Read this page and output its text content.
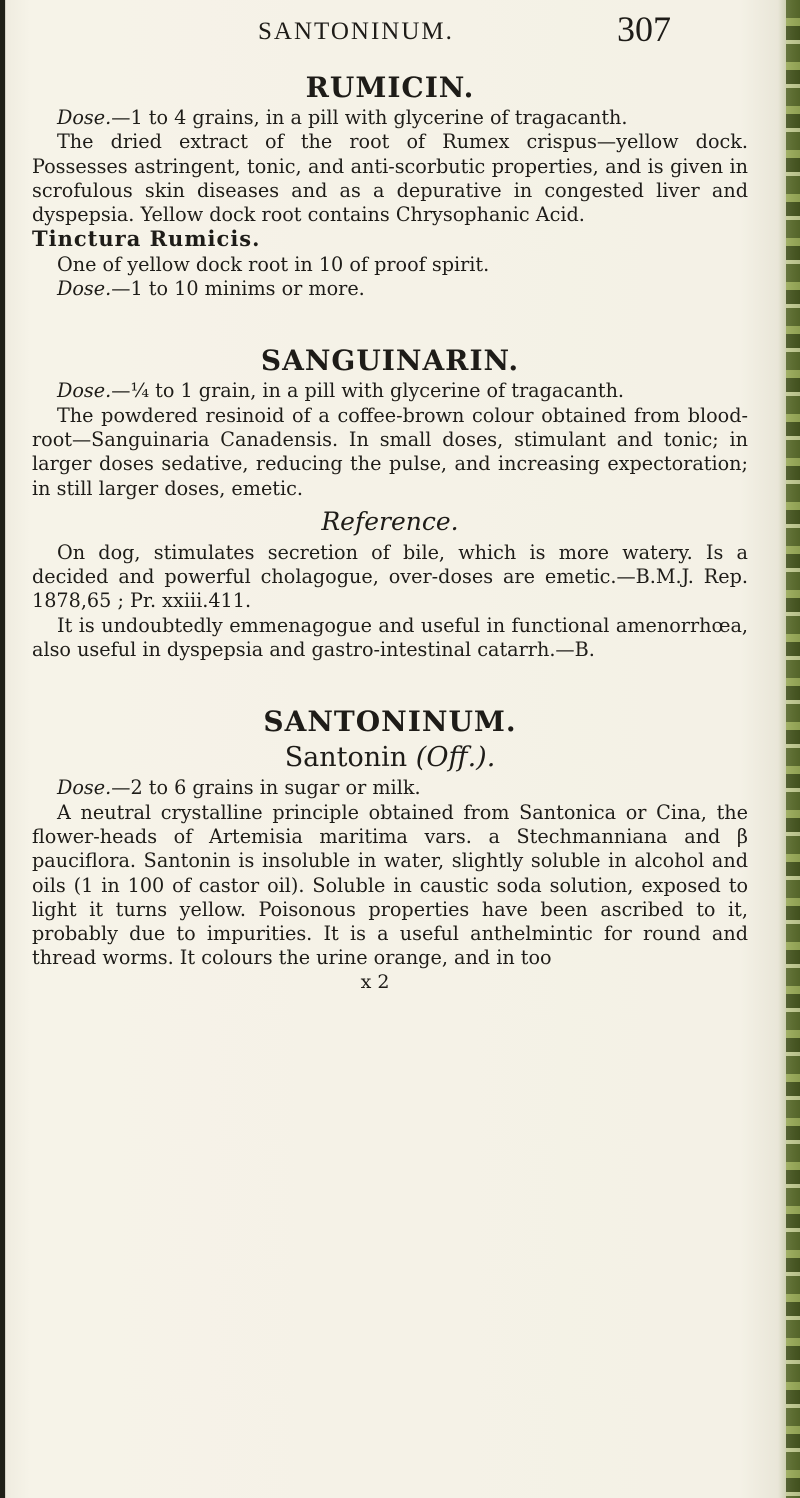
SANTONINUM.	307
RUMICIN.

Dose.—1 to 4 grains, in a pill with glycerine of tragacanth.

The dried extract of the root of Rumex crispus—yellow dock. Possesses astringent, tonic, and anti-scorbutic properties, and is given in scrofulous skin diseases and as a depurative in congested liver and dyspepsia. Yellow dock root contains Chrysophanic Acid.

Tinctura Rumicis.

One of yellow dock root in 10 of proof spirit.

Dose.—1 to 10 minims or more.

SANGUINARIN.

Dose.—¼ to 1 grain, in a pill with glycerine of tragacanth.

The powdered resinoid of a coffee-brown colour obtained from blood-root—Sanguinaria Canadensis. In small doses, stimulant and tonic; in larger doses sedative, reducing the pulse, and increasing expectoration; in still larger doses, emetic.

Reference.

On dog, stimulates secretion of bile, which is more watery. Is a decided and powerful cholagogue, over-doses are emetic.—B.M.J. Rep. 1878,65 ; Pr. xxiii.411.

It is undoubtedly emmenagogue and useful in functional amenorrhœa, also useful in dyspepsia and gastro-intestinal catarrh.—B.

SANTONINUM.
Santonin (Off.).

Dose.—2 to 6 grains in sugar or milk.

A neutral crystalline principle obtained from Santonica or Cina, the flower-heads of Artemisia maritima vars. a Stechmanniana and β pauciflora. Santonin is insoluble in water, slightly soluble in alcohol and oils (1 in 100 of castor oil). Soluble in caustic soda solution, exposed to light it turns yellow. Poisonous properties have been ascribed to it, probably due to impurities. It is a useful anthelmintic for round and thread worms. It colours the urine orange, and in too

x 2
